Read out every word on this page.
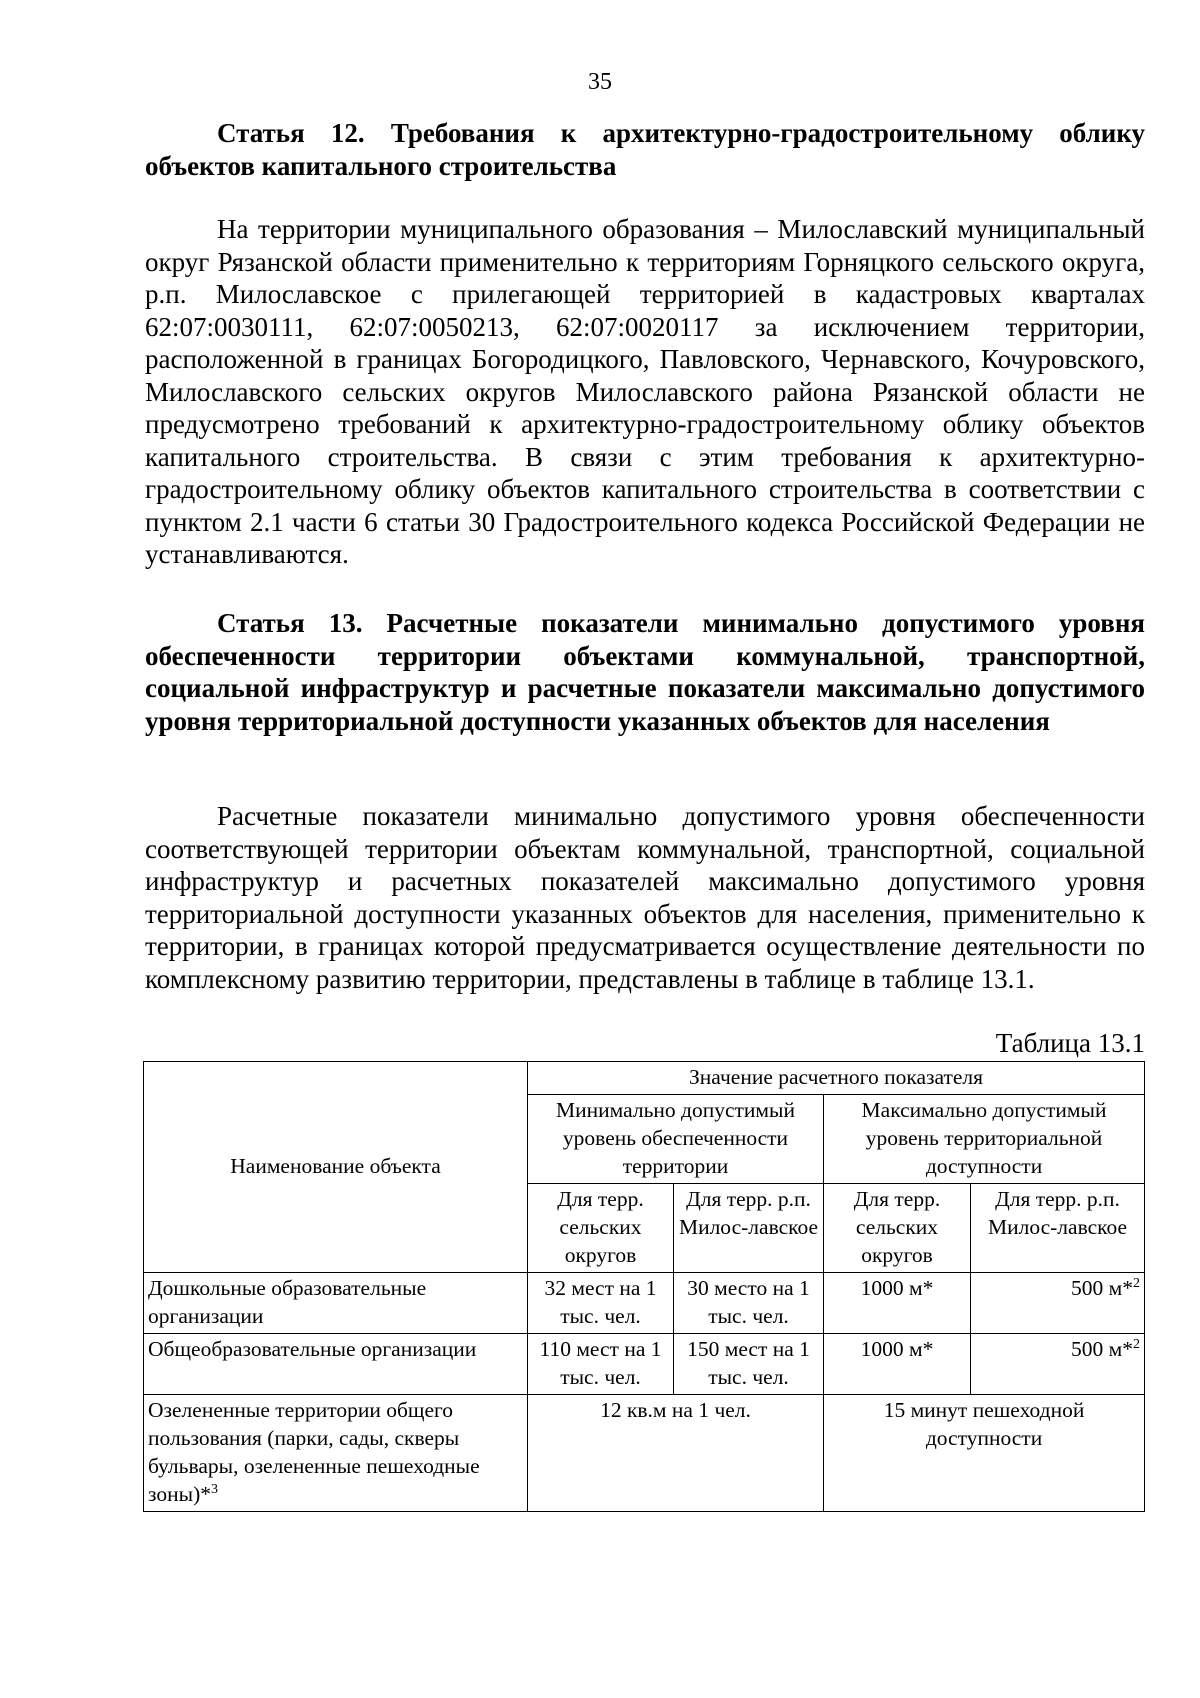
35

Статья 12. Требования к архитектурно-градостроительному облику объектов капитального строительства

На территории муниципального образования – Милославский муниципальный округ Рязанской области применительно к территориям Горняцкого сельского округа, р.п. Милославское с прилегающей территорией в кадастровых кварталах 62:07:0030111, 62:07:0050213, 62:07:0020117 за исключением территории, расположенной в границах Богородицкого, Павловского, Чернавского, Кочуровского, Милославского сельских округов Милославского района Рязанской области не предусмотрено требований к архитектурно-градостроительному облику объектов капитального строительства. В связи с этим требования к архитектурно-градостроительному облику объектов капитального строительства в соответствии с пунктом 2.1 части 6 статьи 30 Градостроительного кодекса Российской Федерации не устанавливаются.

Статья 13. Расчетные показатели минимально допустимого уровня обеспеченности территории объектами коммунальной, транспортной, социальной инфраструктур и расчетные показатели максимально допустимого уровня территориальной доступности указанных объектов для населения

Расчетные показатели минимально допустимого уровня обеспеченности соответствующей территории объектам коммунальной, транспортной, социальной инфраструктур и расчетных показателей максимально допустимого уровня территориальной доступности указанных объектов для населения, применительно к территории, в границах которой предусматривается осуществление деятельности по комплексному развитию территории, представлены в таблице в таблице 13.1.

Таблица 13.1
Наименование объекта	Значение расчетного показателя			
	Минимально допустимый уровень обеспеченности территории		Максимально допустимый уровень территориальной доступности	
	Для терр. сельских округов	Для терр. р.п. Милос-лавское	Для терр. сельских округов	Для терр. р.п. Милос-лавское
Дошкольные образовательные организации	32 мест на 1 тыс. чел.	30 место на 1 тыс. чел.	1000 м*	500 м*$^2$
Общеобразовательные организации	110 мест на 1 тыс. чел.	150 мест на 1 тыс. чел.	1000 м*	500 м*$^2$
Озелененные территории общего пользования (парки, сады, скверы бульвары, озелененные пешеходные зоны)*$^3$	12 кв.м на 1 чел.		15 минут пешеходной доступности	
